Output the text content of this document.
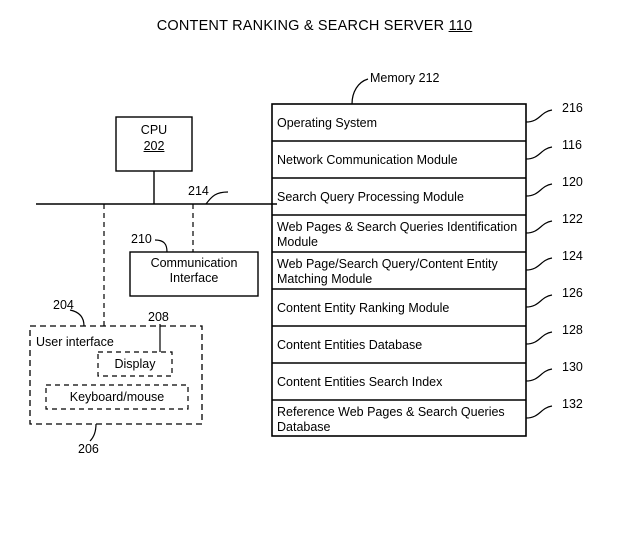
CONTENT RANKING & SEARCH SERVER 110
Memory 212
CPU
202
214
210
Communication Interface
204
User interface
208
Display
206
Keyboard/mouse
Operating System
Network Communication Module
Search Query Processing Module
Web Pages & Search Queries Identification Module
Web Page/Search Query/Content Entity Matching Module
Content Entity Ranking Module
Content Entities Database
Content Entities Search Index
Reference Web Pages & Search Queries Database
216
116
120
122
124
126
128
130
132
